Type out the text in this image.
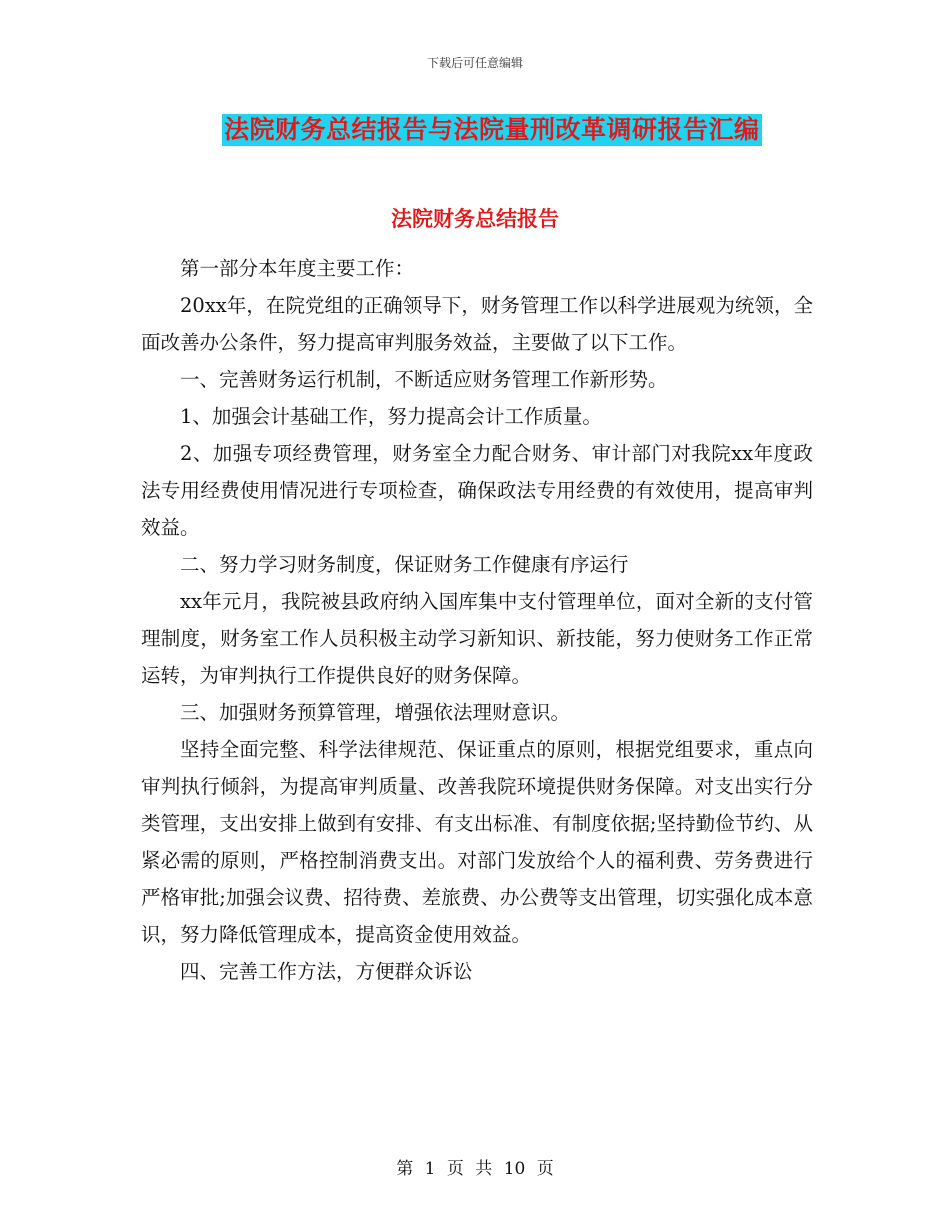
下载后可任意编辑
法院财务总结报告与法院量刑改革调研报告汇编
法院财务总结报告

第一部分本年度主要工作：

20xx年，在院党组的正确领导下，财务管理工作以科学进展观为统领，全面改善办公条件，努力提高审判服务效益，主要做了以下工作。

一、完善财务运行机制，不断适应财务管理工作新形势。

1、加强会计基础工作，努力提高会计工作质量。

2、加强专项经费管理，财务室全力配合财务、审计部门对我院xx年度政法专用经费使用情况进行专项检查，确保政法专用经费的有效使用，提高审判效益。

二、努力学习财务制度，保证财务工作健康有序运行

xx年元月，我院被县政府纳入国库集中支付管理单位，面对全新的支付管理制度，财务室工作人员积极主动学习新知识、新技能，努力使财务工作正常运转，为审判执行工作提供良好的财务保障。

三、加强财务预算管理，增强依法理财意识。

坚持全面完整、科学法律规范、保证重点的原则，根据党组要求，重点向审判执行倾斜，为提高审判质量、改善我院环境提供财务保障。对支出实行分类管理，支出安排上做到有安排、有支出标准、有制度依据;坚持勤俭节约、从紧必需的原则，严格控制消费支出。对部门发放给个人的福利费、劳务费进行严格审批;加强会议费、招待费、差旅费、办公费等支出管理，切实强化成本意识，努力降低管理成本，提高资金使用效益。

四、完善工作方法，方便群众诉讼

第 1 页 共 10 页
